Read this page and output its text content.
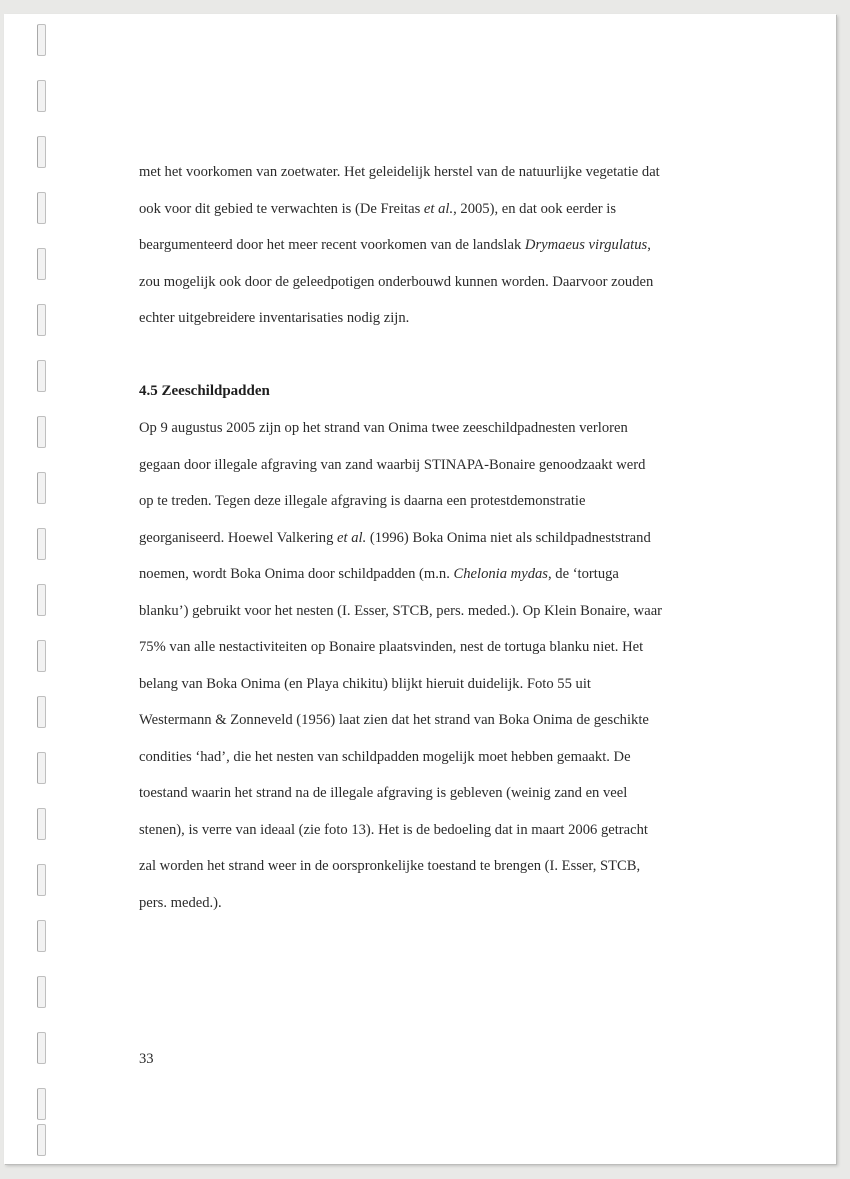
met het voorkomen van zoetwater. Het geleidelijk herstel van de natuurlijke vegetatie dat
ook voor dit gebied te verwachten is (De Freitas et al., 2005), en dat ook eerder is
beargumenteerd door het meer recent voorkomen van de landslak Drymaeus virgulatus,
zou mogelijk ook door de geleedpotigen onderbouwd kunnen worden. Daarvoor zouden
echter uitgebreidere inventarisaties nodig zijn.
4.5 Zeeschildpadden
Op 9 augustus 2005 zijn op het strand van Onima twee zeeschildpadnesten verloren
gegaan door illegale afgraving van zand waarbij STINAPA-Bonaire genoodzaakt werd
op te treden. Tegen deze illegale afgraving is daarna een protestdemonstratie
georganiseerd. Hoewel Valkering et al. (1996) Boka Onima niet als schildpadneststrand
noemen, wordt Boka Onima door schildpadden (m.n. Chelonia mydas, de ‘tortuga
blanku’) gebruikt voor het nesten (I. Esser, STCB, pers. meded.). Op Klein Bonaire, waar
75% van alle nestactiviteiten op Bonaire plaatsvinden, nest de tortuga blanku niet. Het
belang van Boka Onima (en Playa chikitu) blijkt hieruit duidelijk. Foto 55 uit
Westermann & Zonneveld (1956) laat zien dat het strand van Boka Onima de geschikte
condities ‘had’, die het nesten van schildpadden mogelijk moet hebben gemaakt. De
toestand waarin het strand na de illegale afgraving is gebleven (weinig zand en veel
stenen), is verre van ideaal (zie foto 13). Het is de bedoeling dat in maart 2006 getracht
zal worden het strand weer in de oorspronkelijke toestand te brengen (I. Esser, STCB,
pers. meded.).
33
